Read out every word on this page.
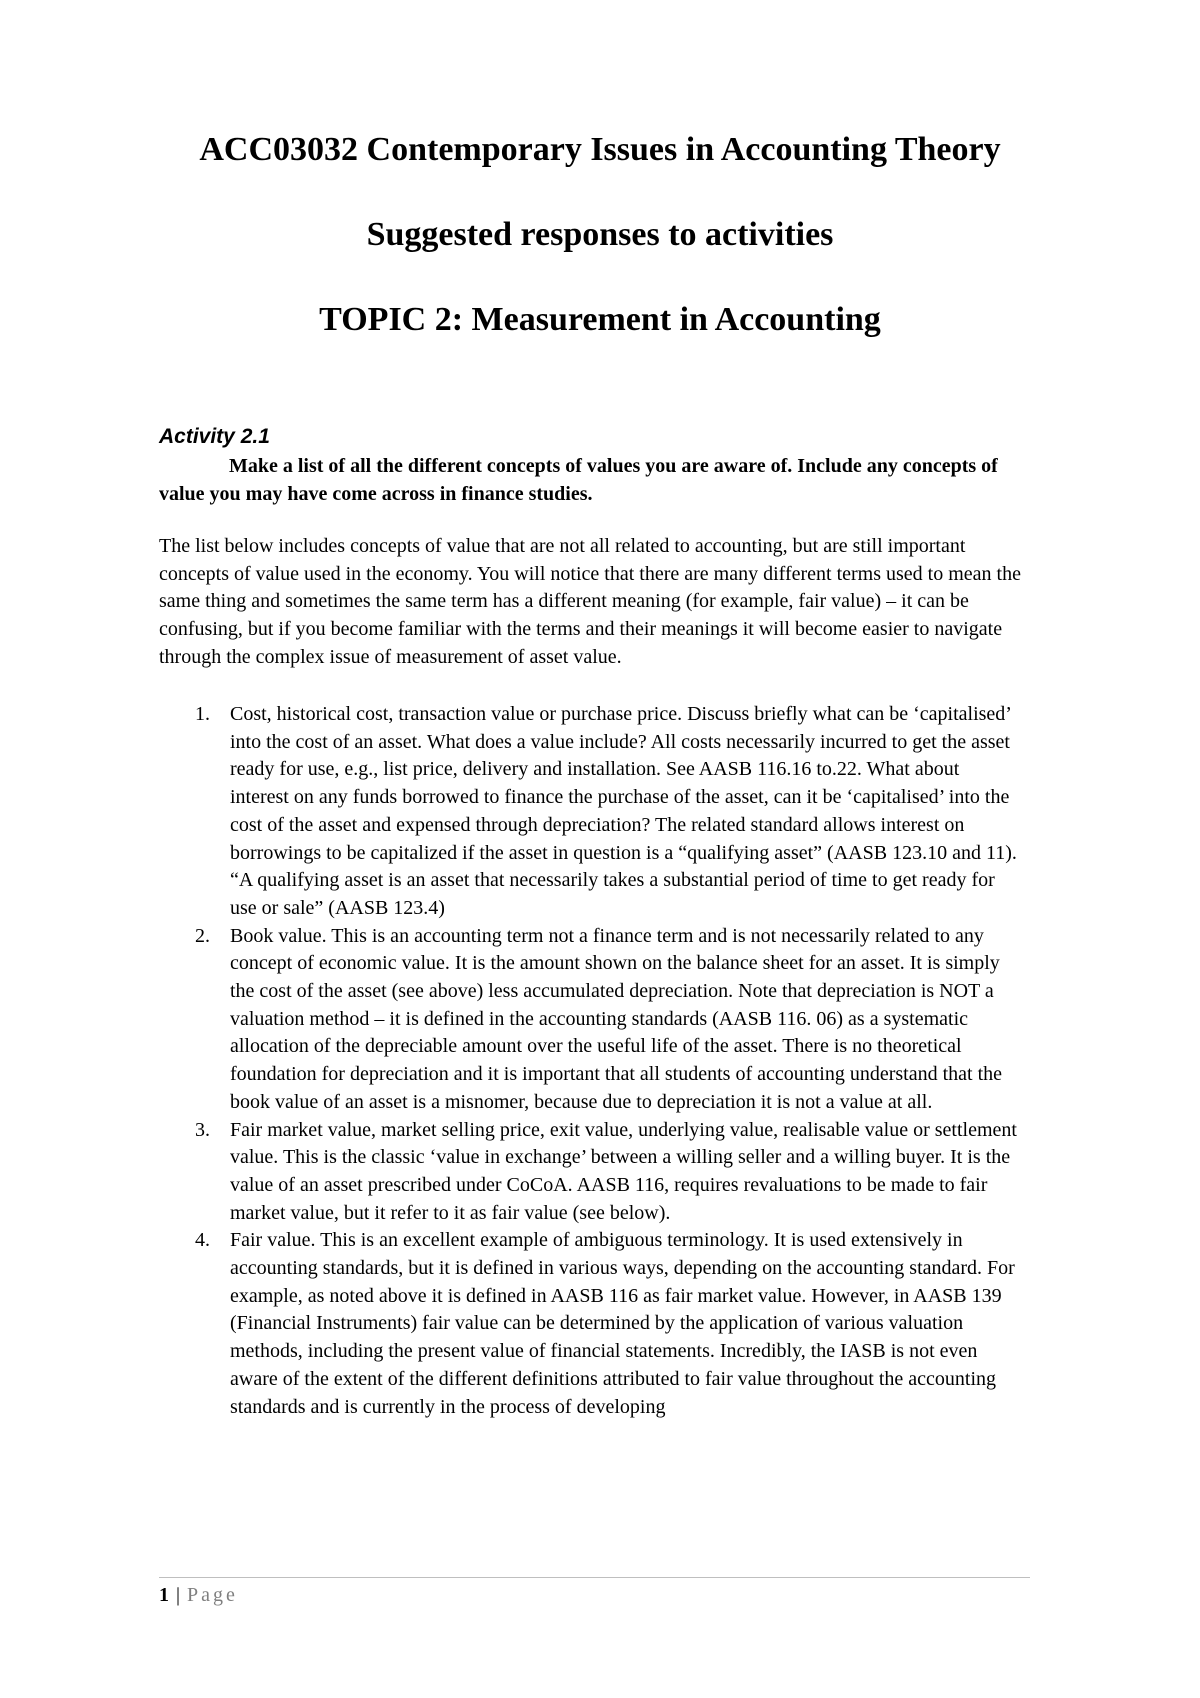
ACC03032 Contemporary Issues in Accounting Theory
Suggested responses to activities
TOPIC 2: Measurement in Accounting
Activity 2.1
Make a list of all the different concepts of values you are aware of. Include any concepts of value you may have come across in finance studies.
The list below includes concepts of value that are not all related to accounting, but are still important concepts of value used in the economy. You will notice that there are many different terms used to mean the same thing and sometimes the same term has a different meaning (for example, fair value) – it can be confusing, but if you become familiar with the terms and their meanings it will become easier to navigate through the complex issue of measurement of asset value.
1. Cost, historical cost, transaction value or purchase price. Discuss briefly what can be ‘capitalised’ into the cost of an asset. What does a value include? All costs necessarily incurred to get the asset ready for use, e.g., list price, delivery and installation. See AASB 116.16 to.22. What about interest on any funds borrowed to finance the purchase of the asset, can it be ‘capitalised’ into the cost of the asset and expensed through depreciation? The related standard allows interest on borrowings to be capitalized if the asset in question is a “qualifying asset” (AASB 123.10 and 11). “A qualifying asset is an asset that necessarily takes a substantial period of time to get ready for use or sale” (AASB 123.4)
2. Book value. This is an accounting term not a finance term and is not necessarily related to any concept of economic value. It is the amount shown on the balance sheet for an asset. It is simply the cost of the asset (see above) less accumulated depreciation. Note that depreciation is NOT a valuation method – it is defined in the accounting standards (AASB 116. 06) as a systematic allocation of the depreciable amount over the useful life of the asset. There is no theoretical foundation for depreciation and it is important that all students of accounting understand that the book value of an asset is a misnomer, because due to depreciation it is not a value at all.
3. Fair market value, market selling price, exit value, underlying value, realisable value or settlement value. This is the classic ‘value in exchange’ between a willing seller and a willing buyer. It is the value of an asset prescribed under CoCoA. AASB 116, requires revaluations to be made to fair market value, but it refer to it as fair value (see below).
4. Fair value. This is an excellent example of ambiguous terminology. It is used extensively in accounting standards, but it is defined in various ways, depending on the accounting standard. For example, as noted above it is defined in AASB 116 as fair market value. However, in AASB 139 (Financial Instruments) fair value can be determined by the application of various valuation methods, including the present value of financial statements. Incredibly, the IASB is not even aware of the extent of the different definitions attributed to fair value throughout the accounting standards and is currently in the process of developing
1 | Page
